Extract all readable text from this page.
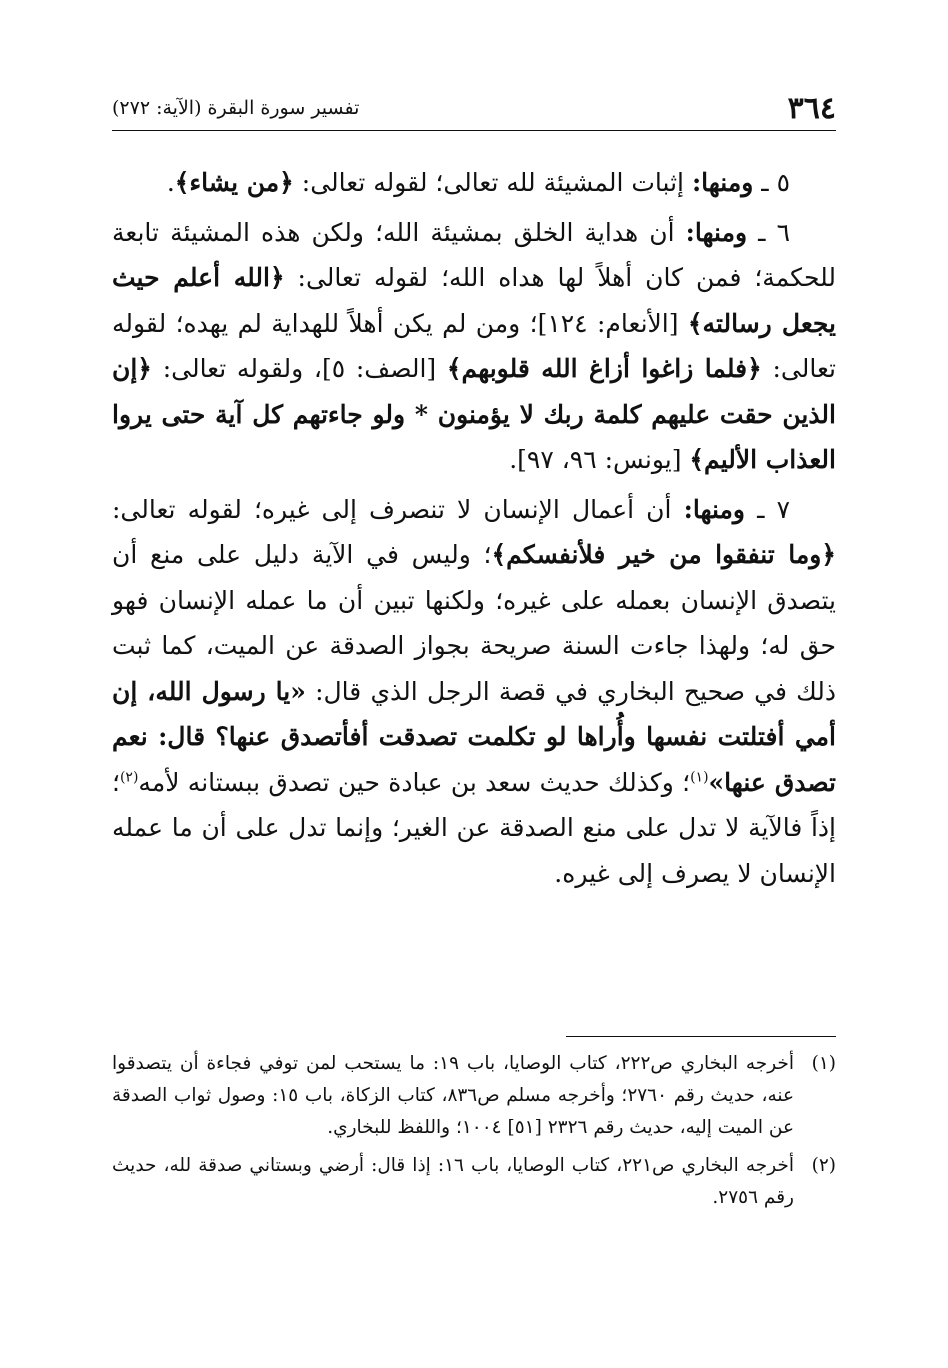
٣٦٤
تفسير سورة البقرة (الآية: ٢٧٢)

٥ ـ ومنها: إثبات المشيئة لله تعالى؛ لقوله تعالى: ﴿من يشاء﴾.

٦ ـ ومنها: أن هداية الخلق بمشيئة الله؛ ولكن هذه المشيئة تابعة للحكمة؛ فمن كان أهلاً لها هداه الله؛ لقوله تعالى: ﴿الله أعلم حيث يجعل رسالته﴾ [الأنعام: ١٢٤]؛ ومن لم يكن أهلاً للهداية لم يهده؛ لقوله تعالى: ﴿فلما زاغوا أزاغ الله قلوبهم﴾ [الصف: ٥]، ولقوله تعالى: ﴿إن الذين حقت عليهم كلمة ربك لا يؤمنون * ولو جاءتهم كل آية حتى يروا العذاب الأليم﴾ [يونس: ٩٦، ٩٧].

٧ ـ ومنها: أن أعمال الإنسان لا تنصرف إلى غيره؛ لقوله تعالى: ﴿وما تنفقوا من خير فلأنفسكم﴾؛ وليس في الآية دليل على منع أن يتصدق الإنسان بعمله على غيره؛ ولكنها تبين أن ما عمله الإنسان فهو حق له؛ ولهذا جاءت السنة صريحة بجواز الصدقة عن الميت، كما ثبت ذلك في صحيح البخاري في قصة الرجل الذي قال: «يا رسول الله، إن أمي أفتلتت نفسها وأُراها لو تكلمت تصدقت أفأتصدق عنها؟ قال: نعم تصدق عنها»$^{(١)}$؛ وكذلك حديث سعد بن عبادة حين تصدق ببستانه لأمه$^{(٢)}$؛ إذاً فالآية لا تدل على منع الصدقة عن الغير؛ وإنما تدل على أن ما عمله الإنسان لا يصرف إلى غيره.

(١)
أخرجه البخاري ص٢٢٢، كتاب الوصايا، باب ١٩: ما يستحب لمن توفي فجاءة أن يتصدقوا عنه، حديث رقم ٢٧٦٠؛ وأخرجه مسلم ص٨٣٦، كتاب الزكاة، باب ١٥: وصول ثواب الصدقة عن الميت إليه، حديث رقم ٢٣٢٦ [٥١] ١٠٠٤؛ واللفظ للبخاري.
(٢)
أخرجه البخاري ص٢٢١، كتاب الوصايا، باب ١٦: إذا قال: أرضي وبستاني صدقة لله، حديث رقم ٢٧٥٦.
